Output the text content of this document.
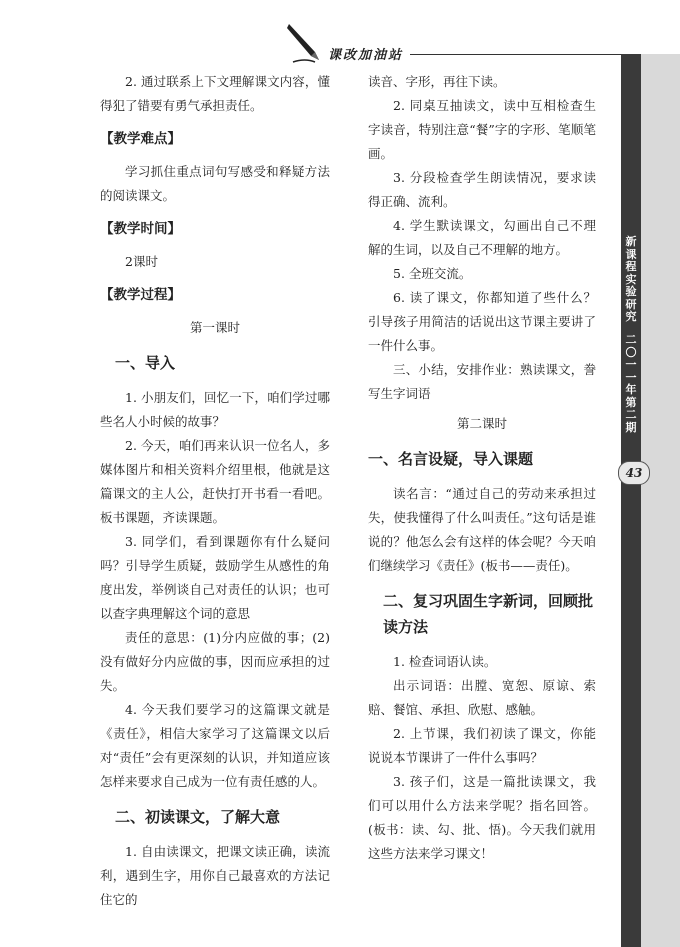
课改加油站
新课程实验研究
二〇一一年第二期
43

2. 通过联系上下文理解课文内容，懂得犯了错要有勇气承担责任。

【教学难点】

学习抓住重点词句写感受和释疑方法的阅读课文。

【教学时间】

2课时

【教学过程】
第一课时
一、导入

1. 小朋友们，回忆一下，咱们学过哪些名人小时候的故事？

2. 今天，咱们再来认识一位名人，多媒体图片和相关资料介绍里根，他就是这篇课文的主人公，赶快打开书看一看吧。板书课题，齐读课题。

3. 同学们，看到课题你有什么疑问吗？引导学生质疑，鼓励学生从感性的角度出发，举例谈自己对责任的认识；也可以查字典理解这个词的意思

责任的意思：(1)分内应做的事；(2)没有做好分内应做的事，因而应承担的过失。

4. 今天我们要学习的这篇课文就是《责任》，相信大家学习了这篇课文以后对“责任”会有更深刻的认识，并知道应该怎样来要求自己成为一位有责任感的人。

二、初读课文，了解大意

1. 自由读课文，把课文读正确，读流利，遇到生字，用你自己最喜欢的方法记住它的

读音、字形，再往下读。

2. 同桌互抽读文，读中互相检查生字读音，特别注意“餐”字的字形、笔顺笔画。

3. 分段检查学生朗读情况，要求读得正确、流利。

4. 学生默读课文，勾画出自己不理解的生词，以及自己不理解的地方。

5. 全班交流。

6. 读了课文，你都知道了些什么？引导孩子用简洁的话说出这节课主要讲了一件什么事。

三、小结，安排作业：熟读课文，誊写生字词语

第二课时
一、名言设疑，导入课题

读名言：“通过自己的劳动来承担过失，使我懂得了什么叫责任。”这句话是谁说的？他怎么会有这样的体会呢？今天咱们继续学习《责任》(板书——责任)。

二、复习巩固生字新词，回顾批读方法

1. 检查词语认读。

出示词语：出膛、宽恕、原谅、索赔、餐馆、承担、欣慰、感触。

2. 上节课，我们初读了课文，你能说说本节课讲了一件什么事吗？

3. 孩子们，这是一篇批读课文，我们可以用什么方法来学呢？指名回答。(板书：读、勾、批、悟)。今天我们就用这些方法来学习课文！
